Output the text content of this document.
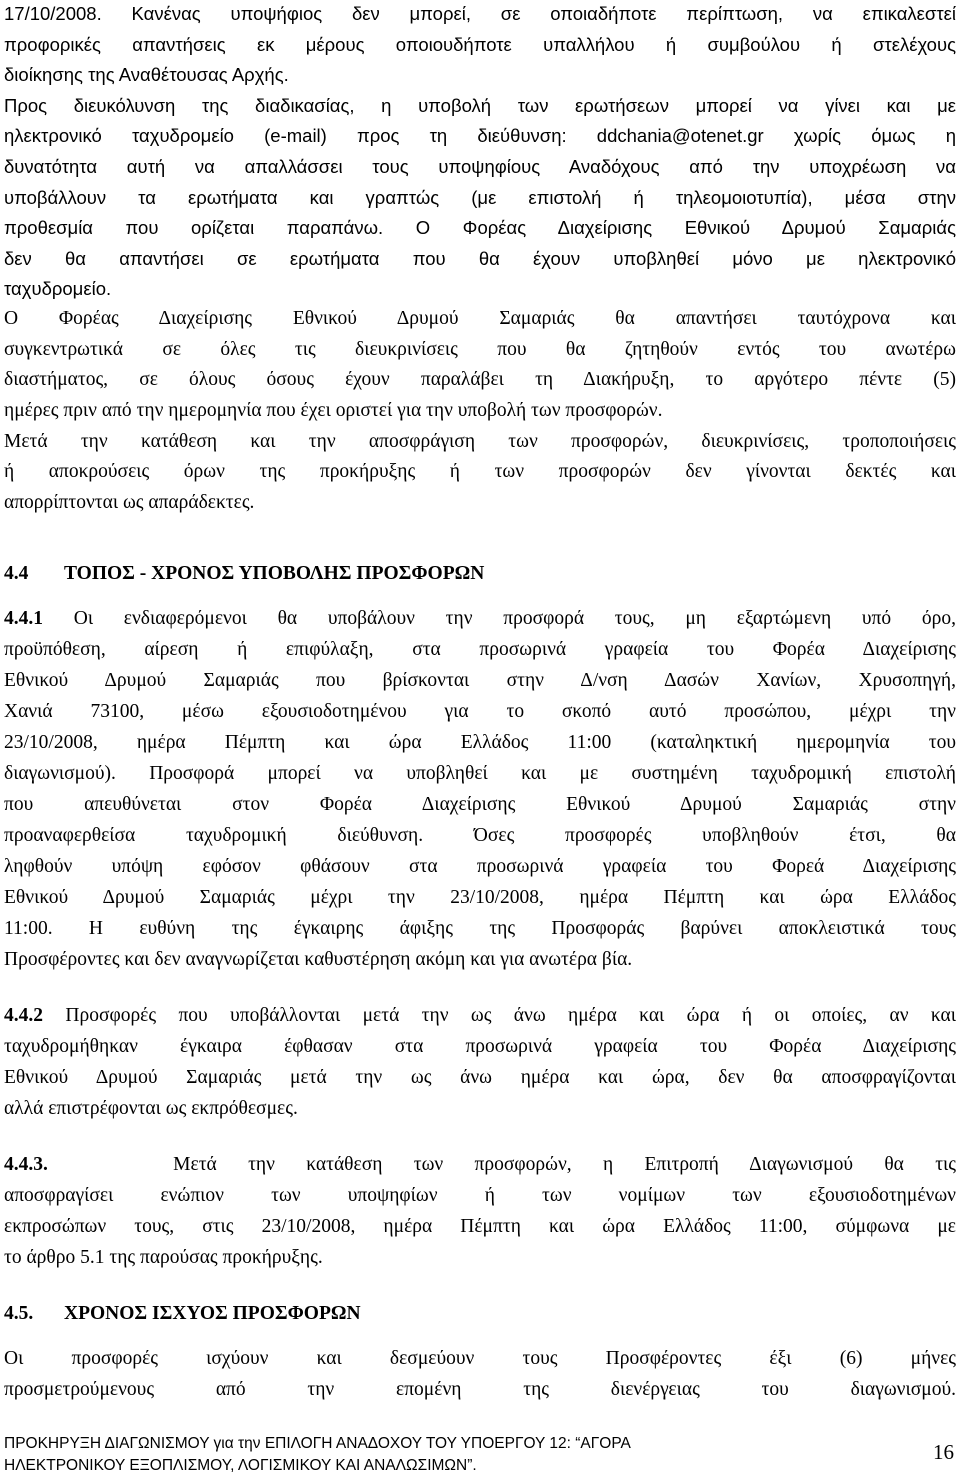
17/10/2008. Κανένας υποψήφιος δεν μπορεί, σε οποιαδήποτε περίπτωση, να επικαλεστεί
προφορικές απαντήσεις εκ μέρους οποιουδήποτε υπαλλήλου ή συμβούλου ή στελέχους
διοίκησης της Αναθέτουσας Αρχής.
Προς διευκόλυνση της διαδικασίας, η υποβολή των ερωτήσεων μπορεί να γίνει και με
ηλεκτρονικό ταχυδρομείο (e-mail) προς τη διεύθυνση: ddchania@otenet.gr χωρίς όμως η
δυνατότητα αυτή να απαλλάσσει τους υποψηφίους Αναδόχους από την υποχρέωση να
υποβάλλουν τα ερωτήματα και γραπτώς (με επιστολή ή τηλεομοιοτυπία), μέσα στην
προθεσμία που ορίζεται παραπάνω. Ο Φορέας Διαχείρισης Εθνικού Δρυμού Σαμαριάς
δεν θα απαντήσει σε ερωτήματα που θα έχουν υποβληθεί μόνο με ηλεκτρονικό
ταχυδρομείο.
Ο Φορέας Διαχείρισης Εθνικού Δρυμού Σαμαριάς θα απαντήσει ταυτόχρονα και
συγκεντρωτικά σε όλες τις διευκρινίσεις που θα ζητηθούν εντός του ανωτέρω
διαστήματος, σε όλους όσους έχουν παραλάβει τη Διακήρυξη, το αργότερο πέντε (5)
ημέρες πριν από την ημερομηνία που έχει οριστεί για την υποβολή των προσφορών.
Μετά την κατάθεση και την αποσφράγιση των προσφορών, διευκρινίσεις, τροποποιήσεις
ή αποκρούσεις όρων της προκήρυξης ή των προσφορών δεν γίνονται δεκτές και
απορρίπτονται ως απαράδεκτες.
4.4 ΤΟΠΟΣ - ΧΡΟΝΟΣ ΥΠΟΒΟΛΗΣ ΠΡΟΣΦΟΡΩΝ
4.4.1 Οι ενδιαφερόμενοι θα υποβάλουν την προσφορά τους, μη εξαρτώμενη υπό όρο,
προϋπόθεση, αίρεση ή επιφύλαξη, στα προσωρινά γραφεία του Φορέα Διαχείρισης
Εθνικού Δρυμού Σαμαριάς που βρίσκονται στην Δ/νση Δασών Χανίων, Χρυσοπηγή,
Χανιά 73100, μέσω εξουσιοδοτημένου για το σκοπό αυτό προσώπου, μέχρι την
23/10/2008, ημέρα Πέμπτη και ώρα Ελλάδος 11:00 (καταληκτική ημερομηνία του
διαγωνισμού). Προσφορά μπορεί να υποβληθεί και με συστημένη ταχυδρομική επιστολή
που απευθύνεται στον Φορέα Διαχείρισης Εθνικού Δρυμού Σαμαριάς στην
προαναφερθείσα ταχυδρομική διεύθυνση. Όσες προσφορές υποβληθούν έτσι, θα
ληφθούν υπόψη εφόσον φθάσουν στα προσωρινά γραφεία του Φορεά Διαχείρισης
Εθνικού Δρυμού Σαμαριάς μέχρι την 23/10/2008, ημέρα Πέμπτη και ώρα Ελλάδος
11:00. Η ευθύνη της έγκαιρης άφιξης της Προσφοράς βαρύνει αποκλειστικά τους
Προσφέροντες και δεν αναγνωρίζεται καθυστέρηση ακόμη και για ανωτέρα βία.
4.4.2 Προσφορές που υποβάλλονται μετά την ως άνω ημέρα και ώρα ή οι οποίες, αν και
ταχυδρομήθηκαν έγκαιρα έφθασαν στα προσωρινά γραφεία του Φορέα Διαχείρισης
Εθνικού Δρυμού Σαμαριάς μετά την ως άνω ημέρα και ώρα, δεν θα αποσφραγίζονται
αλλά επιστρέφονται ως εκπρόθεσμες.
4.4.3.	Μετά την κατάθεση των προσφορών, η Επιτροπή Διαγωνισμού θα τις
αποσφραγίσει ενώπιον των υποψηφίων ή των νομίμων των εξουσιοδοτημένων
εκπροσώπων τους, στις 23/10/2008, ημέρα Πέμπτη και ώρα Ελλάδος 11:00, σύμφωνα με
το άρθρο 5.1 της παρούσας προκήρυξης.
4.5. ΧΡΟΝΟΣ ΙΣΧΥΟΣ ΠΡΟΣΦΟΡΩΝ
Οι προσφορές ισχύουν και δεσμεύουν τους Προσφέροντες έξι (6) μήνες
προσμετρούμενους από την επομένη της διενέργειας του διαγωνισμού.
ΠΡΟΚΗΡΥΞΗ ΔΙΑΓΩΝΙΣΜΟΥ για την ΕΠΙΛΟΓΗ ΑΝΑΔΟΧΟΥ ΤΟΥ ΥΠΟΕΡΓΟΥ 12: “ΑΓΟΡΑ
ΗΛΕΚΤΡΟΝΙΚΟΥ ΕΞΟΠΛΙΣΜΟΥ, ΛΟΓΙΣΜΙΚΟΥ ΚΑΙ ΑΝΑΛΩΣΙΜΩΝ”.
16
